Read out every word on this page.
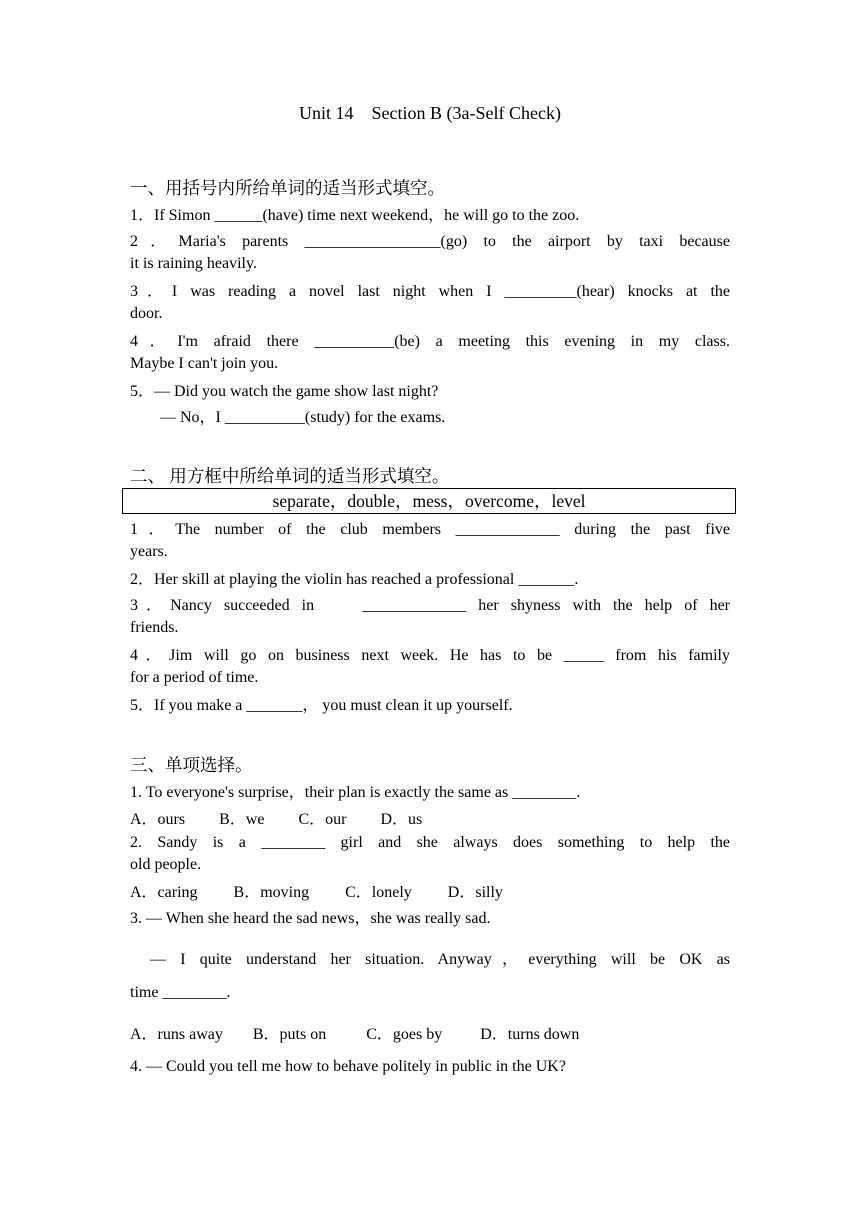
Unit 14    Section B (3a-Self Check)
一、用括号内所给单词的适当形式填空。
1．If Simon ______(have) time next weekend，he will go to the zoo.
2．Maria's parents _________________(go) to the airport by taxi because
it is raining heavily.
3．I was reading a novel last night when I _________(hear) knocks at the
door.
4．I'm afraid there __________(be) a meeting this evening in my class.
Maybe I can't join you.
5．— Did you watch the game show last night?
— No，I __________(study) for the exams.
二、 用方框中所给单词的适当形式填空。
separate，double，mess，overcome，level
1．The number of the club members _____________ during the past five
years.
2．Her skill at playing the violin has reached a professional _______.
3．Nancy succeeded in    _____________ her shyness with the help of her
friends.
4．Jim will go on business next week. He has to be _____ from his family
for a period of time.
5．If you make a _______， you must clean it up yourself.
三、单项选择。
1. To everyone's surprise，their plan is exactly the same as ________.
A．ours B．we C．our D．us
2. Sandy is a ________ girl and she always does something to help the
old people.
A．caring B．moving C．lonely D．silly
3. — When she heard the sad news，she was really sad.
— I quite understand her situation. Anyway，everything will be OK as
time ________.
A．runs away B．puts on	C．goes by D．turns down
4. — Could you tell me how to behave politely in public in the UK?
